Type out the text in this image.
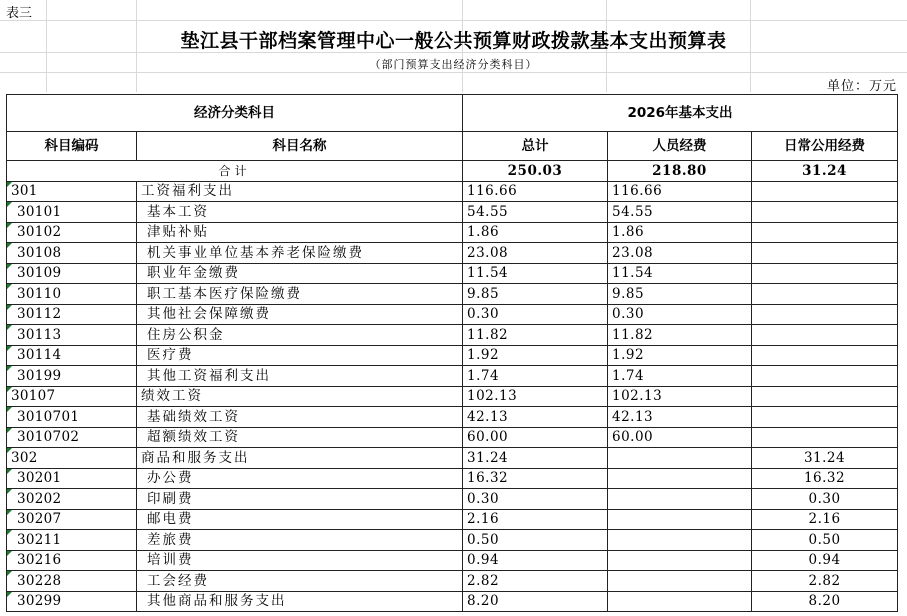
表三
垫江县干部档案管理中心一般公共预算财政拨款基本支出预算表
（部门预算支出经济分类科目）
单位：万元
经济分类科目		2026年基本支出		
科目编码	科目名称	总计	人员经费	日常公用经费
合计		250.03	218.80	31.24

301	工资福利支出	116.66	116.66	

30101	基本工资	54.55	54.55	

30102	津贴补贴	1.86	1.86	

30108	机关事业单位基本养老保险缴费	23.08	23.08	

30109	职业年金缴费	11.54	11.54	

30110	职工基本医疗保险缴费	9.85	9.85	

30112	其他社会保障缴费	0.30	0.30	

30113	住房公积金	11.82	11.82	

30114	医疗费	1.92	1.92	

30199	其他工资福利支出	1.74	1.74	

30107	绩效工资	102.13	102.13	

3010701	基础绩效工资	42.13	42.13	

3010702	超额绩效工资	60.00	60.00	

302	商品和服务支出	31.24		31.24

30201	办公费	16.32		16.32

30202	印刷费	0.30		0.30

30207	邮电费	2.16		2.16

30211	差旅费	0.50		0.50

30216	培训费	0.94		0.94

30228	工会经费	2.82		2.82

30299	其他商品和服务支出	8.20		8.20
